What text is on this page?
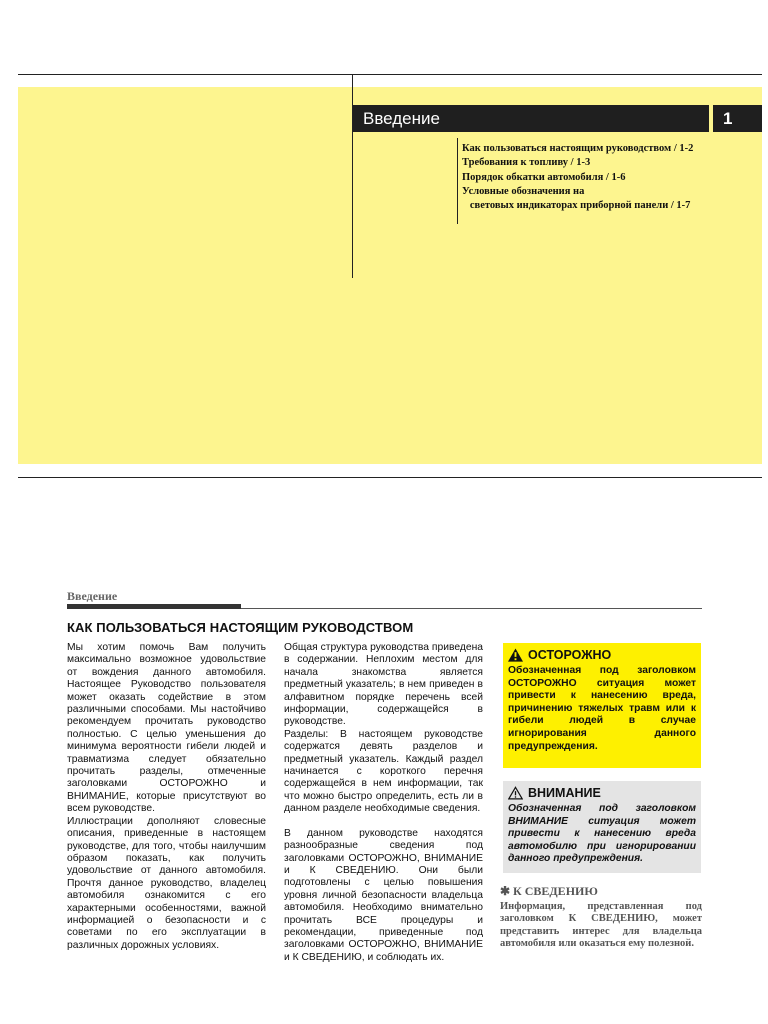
Введение	1
Как пользоваться настоящим руководством / 1-2
Требования к топливу / 1-3
Порядок обкатки автомобиля / 1-6
Условные обозначения на
световых индикаторах приборной панели / 1-7
Введение
КАК ПОЛЬЗОВАТЬСЯ НАСТОЯЩИМ РУКОВОДСТВОМ

Мы хотим помочь Вам получить максимально возможное удовольствие от вождения данного автомобиля. Настоящее Руководство пользователя может оказать содействие в этом различными способами. Мы настойчиво рекомендуем прочитать руководство полностью. С целью уменьшения до минимума вероятности гибели людей и травматизма следует обязательно прочитать разделы, отмеченные заголовками ОСТОРОЖНО и ВНИМАНИЕ, которые присутствуют во всем руководстве.

Иллюстрации дополняют словесные описания, приведенные в настоящем руководстве, для того, чтобы наилучшим образом показать, как получить удовольствие от данного автомобиля. Прочтя данное руководство, владелец автомобиля ознакомится с его характерными особенностями, важной информацией о безопасности и с советами по его эксплуатации в различных дорожных условиях.

Общая структура руководства приведена в содержании. Неплохим местом для начала знакомства является предметный указатель; в нем приведен в алфавитном порядке перечень всей информации, содержащейся в руководстве.

Разделы: В настоящем руководстве содержатся девять разделов и предметный указатель. Каждый раздел начинается с короткого перечня содержащейся в нем информации, так что можно быстро определить, есть ли в данном разделе необходимые сведения.

В данном руководстве находятся разнообразные сведения под заголовками ОСТОРОЖНО, ВНИМАНИЕ и К СВЕДЕНИЮ. Они были подготовлены с целью повышения уровня личной безопасности владельца автомобиля. Необходимо внимательно прочитать ВСЕ процедуры и рекомендации, приведенные под заголовками ОСТОРОЖНО, ВНИМАНИЕ и К СВЕДЕНИЮ, и соблюдать их.

ОСТОРОЖНО
Обозначенная под заголовком ОСТОРОЖНО ситуация может привести к нанесению вреда, причинению тяжелых травм или к гибели людей в случае игнорирования данного предупреждения.
ВНИМАНИЕ
Обозначенная под заголовком ВНИМАНИЕ ситуация может привести к нанесению вреда автомобилю при игнорировании данного предупреждения.
✱ К СВЕДЕНИЮ
Информация, представленная под заголовком К СВЕДЕНИЮ, может представить интерес для владельца автомобиля или оказаться ему полезной.
